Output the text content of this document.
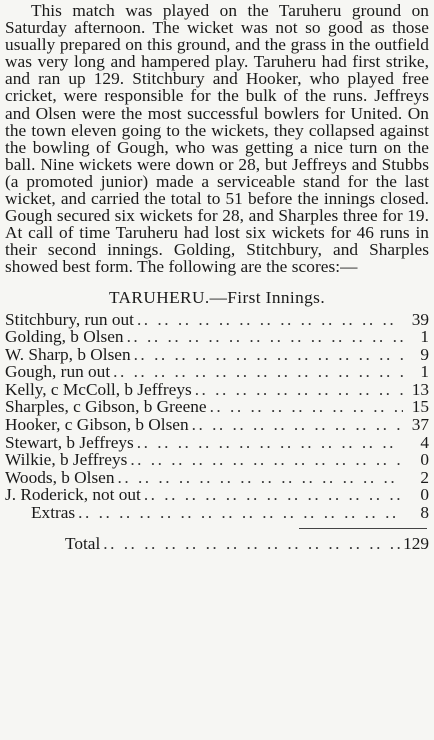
This match was played on the Taruheru ground on Saturday afternoon. The wicket was not so good as those usually prepared on this ground, and the grass in the outfield was very long and hampered play. Taruheru had first strike, and ran up 129. Stitchbury and Hooker, who played free cricket, were responsible for the bulk of the runs. Jeffreys and Olsen were the most successful bowlers for United. On the town eleven going to the wickets, they collapsed against the bowling of Gough, who was getting a nice turn on the ball. Nine wickets were down or 28, but Jeffreys and Stubbs (a promoted junior) made a serviceable stand for the last wicket, and carried the total to 51 before the innings closed. Gough secured six wickets for 28, and Sharples three for 19. At call of time Taruheru had lost six wickets for 46 runs in their second innings. Golding, Stitchbury, and Sharples showed best form. The following are the scores:—

TARUHERU.—First Innings.
Stitchbury, run out .. ..	39
Golding, b Olsen .. ..	1
W. Sharp, b Olsen .. ..	9
Gough, run out .. ..	1
Kelly, c McColl, b Jeffreys .. ..	13
Sharples, c Gibson, b Greene .. ..	15
Hooker, c Gibson, b Olsen .. ..	37
Stewart, b Jeffreys .. ..	4
Wilkie, b Jeffreys .. ..	0
Woods, b Olsen .. ..	2
J. Roderick, not out .. ..	0
Extras .. ..	8
Total .. ..	129
